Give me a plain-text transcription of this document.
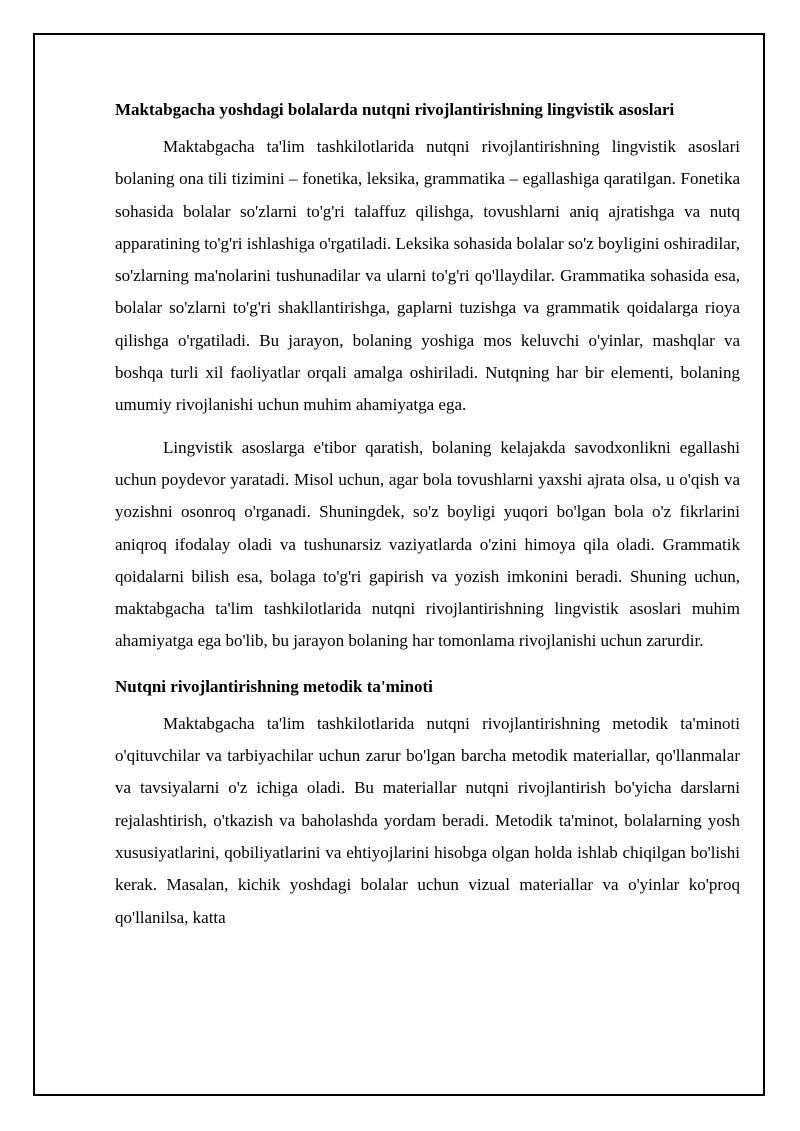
Maktabgacha yoshdagi bolalarda nutqni rivojlantirishning lingvistik asoslari

Maktabgacha ta'lim tashkilotlarida nutqni rivojlantirishning lingvistik asoslari bolaning ona tili tizimini – fonetika, leksika, grammatika – egallashiga qaratilgan. Fonetika sohasida bolalar so'zlarni to'g'ri talaffuz qilishga, tovushlarni aniq ajratishga va nutq apparatining to'g'ri ishlashiga o'rgatiladi. Leksika sohasida bolalar so'z boyligini oshiradilar, so'zlarning ma'nolarini tushunadilar va ularni to'g'ri qo'llaydilar. Grammatika sohasida esa, bolalar so'zlarni to'g'ri shakllantirishga, gaplarni tuzishga va grammatik qoidalarga rioya qilishga o'rgatiladi. Bu jarayon, bolaning yoshiga mos keluvchi o'yinlar, mashqlar va boshqa turli xil faoliyatlar orqali amalga oshiriladi. Nutqning har bir elementi, bolaning umumiy rivojlanishi uchun muhim ahamiyatga ega.

Lingvistik asoslarga e'tibor qaratish, bolaning kelajakda savodxonlikni egallashi uchun poydevor yaratadi. Misol uchun, agar bola tovushlarni yaxshi ajrata olsa, u o'qish va yozishni osonroq o'rganadi. Shuningdek, so'z boyligi yuqori bo'lgan bola o'z fikrlarini aniqroq ifodalay oladi va tushunarsiz vaziyatlarda o'zini himoya qila oladi. Grammatik qoidalarni bilish esa, bolaga to'g'ri gapirish va yozish imkonini beradi. Shuning uchun, maktabgacha ta'lim tashkilotlarida nutqni rivojlantirishning lingvistik asoslari muhim ahamiyatga ega bo'lib, bu jarayon bolaning har tomonlama rivojlanishi uchun zarurdir.

Nutqni rivojlantirishning metodik ta'minoti

Maktabgacha ta'lim tashkilotlarida nutqni rivojlantirishning metodik ta'minoti o'qituvchilar va tarbiyachilar uchun zarur bo'lgan barcha metodik materiallar, qo'llanmalar va tavsiyalarni o'z ichiga oladi. Bu materiallar nutqni rivojlantirish bo'yicha darslarni rejalashtirish, o'tkazish va baholashda yordam beradi. Metodik ta'minot, bolalarning yosh xususiyatlarini, qobiliyatlarini va ehtiyojlarini hisobga olgan holda ishlab chiqilgan bo'lishi kerak. Masalan, kichik yoshdagi bolalar uchun vizual materiallar va o'yinlar ko'proq qo'llanilsa, katta
